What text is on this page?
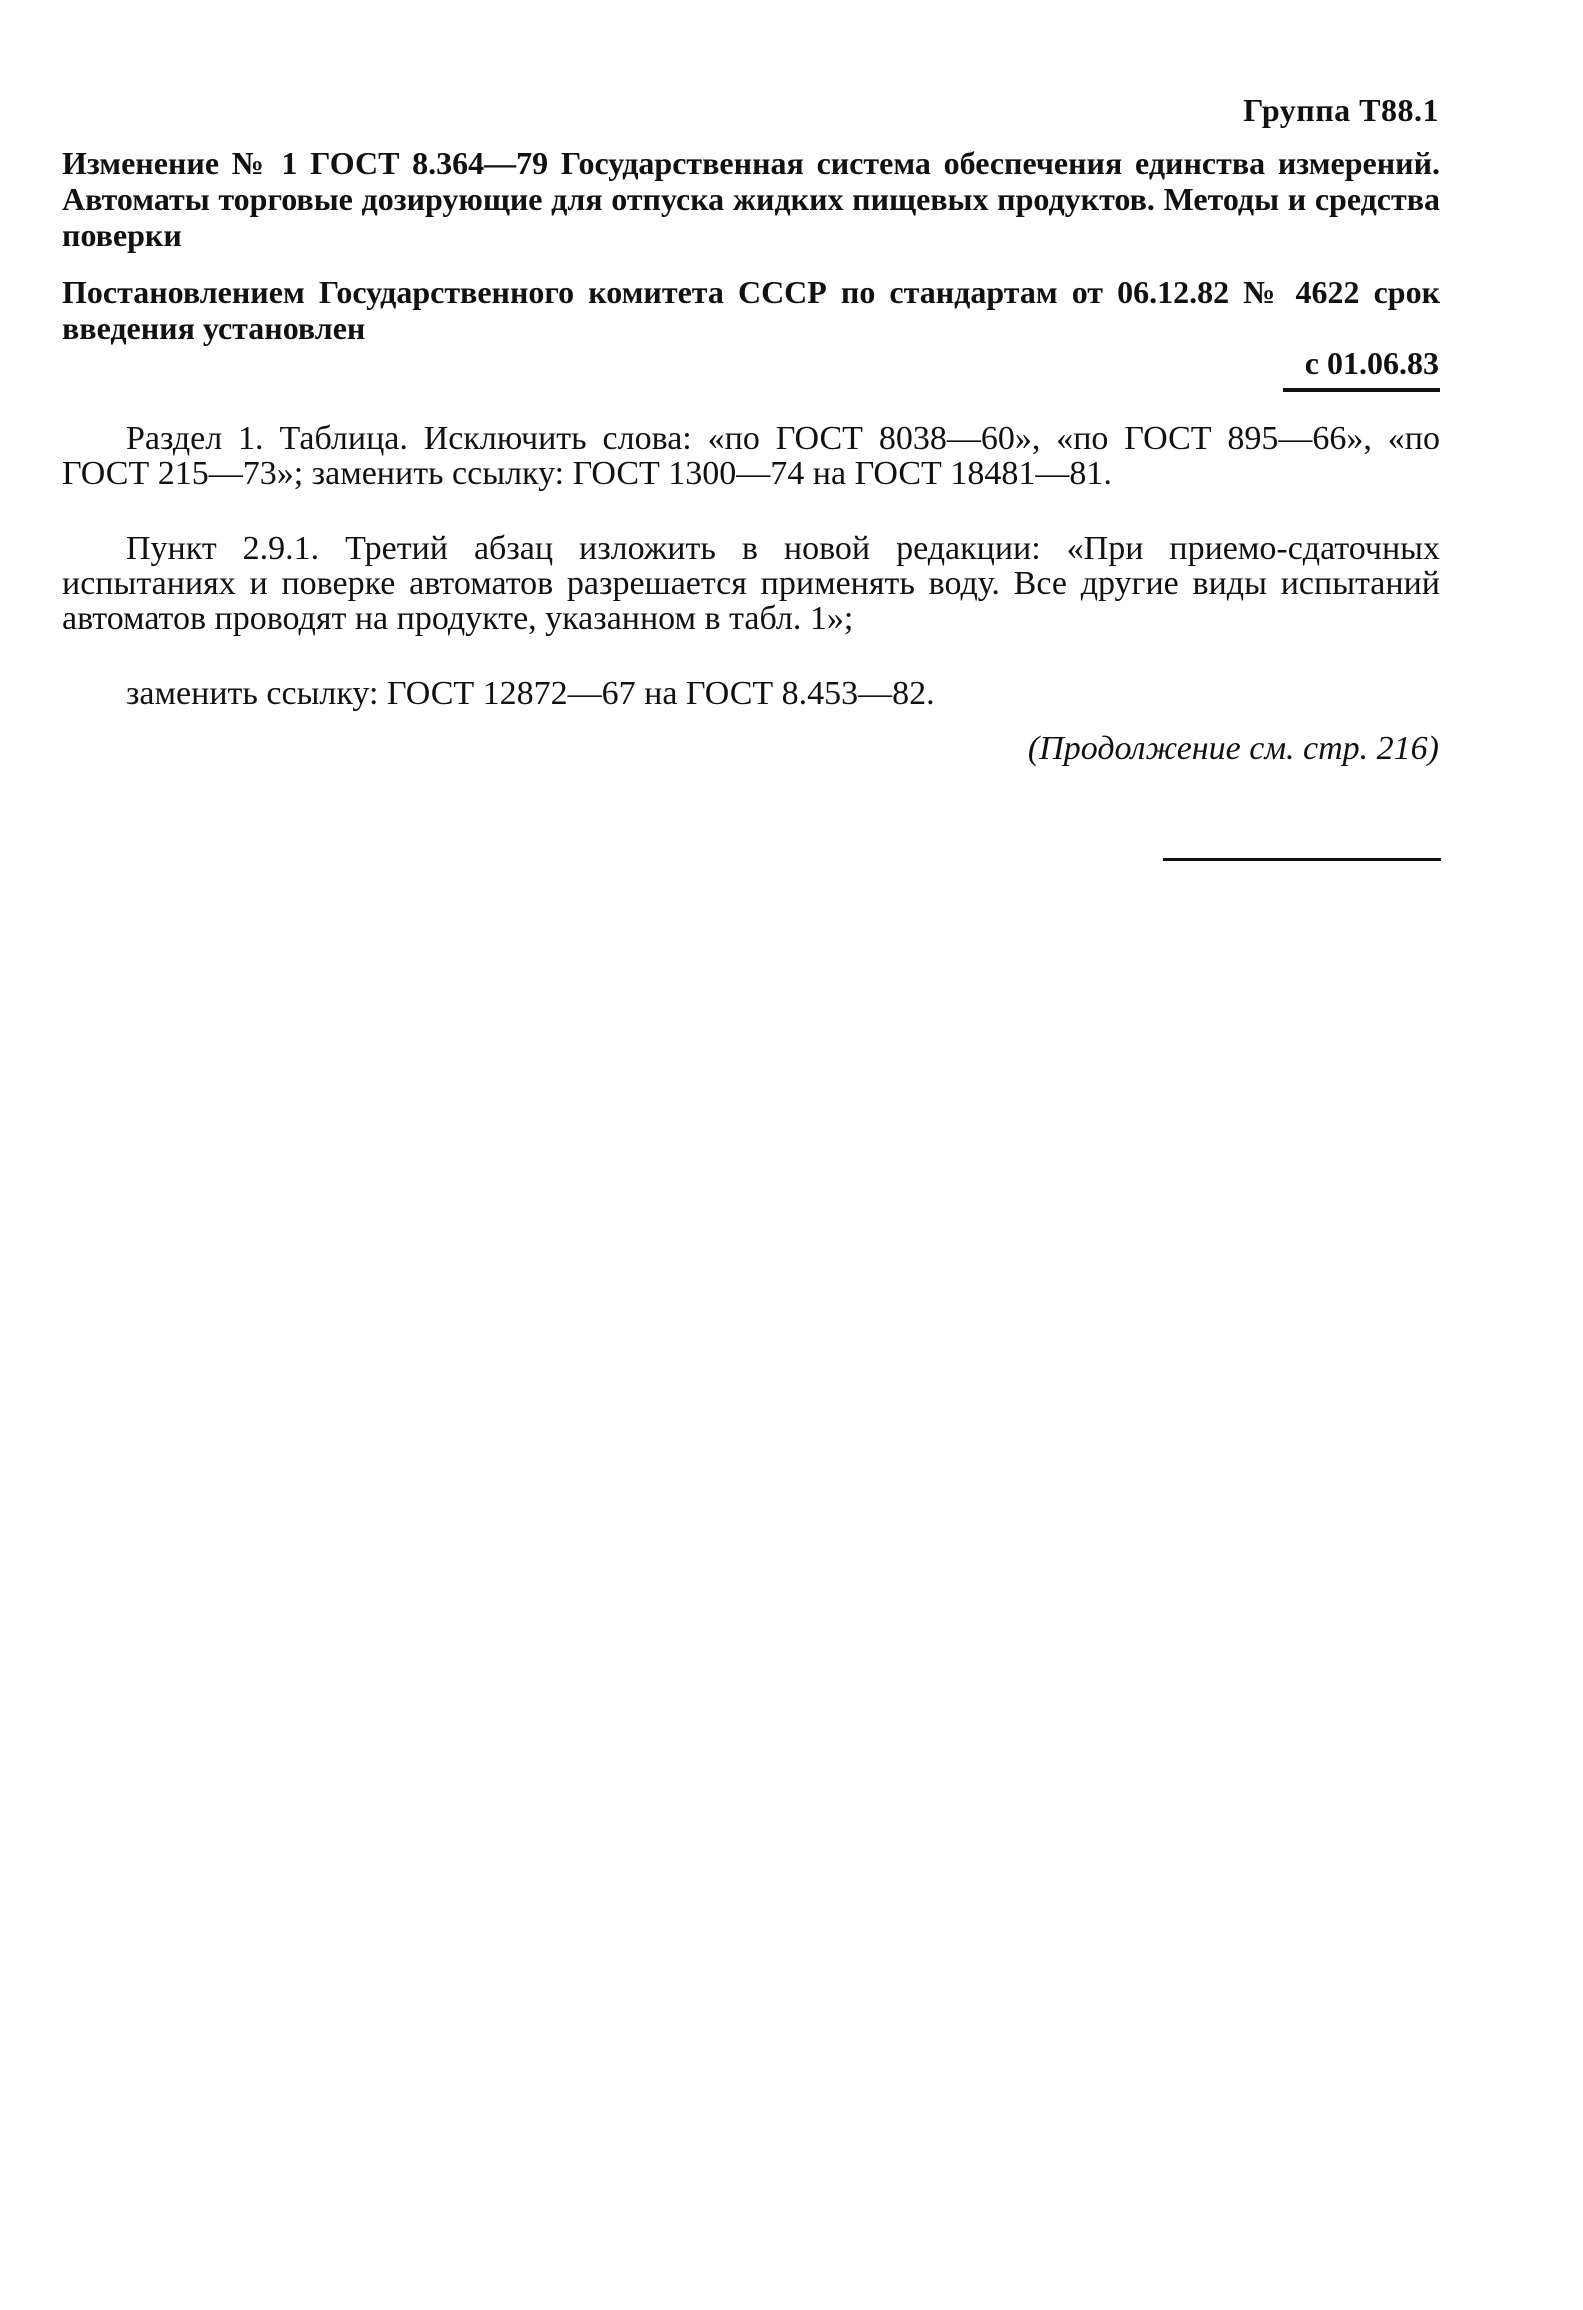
Группа Т88.1
Изменение № 1 ГОСТ 8.364—79 Государственная система обеспечения единства измерений. Автоматы торговые дозирующие для отпуска жидких пищевых продуктов. Методы и средства поверки
Постановлением Государственного комитета СССР по стандартам от 06.12.82 № 4622 срок введения установлен
с 01.06.83
Раздел 1. Таблица. Исключить слова: «по ГОСТ 8038—60», «по ГОСТ 895—66», «по ГОСТ 215—73»; заменить ссылку: ГОСТ 1300—74 на ГОСТ 18481—81.
Пункт 2.9.1. Третий абзац изложить в новой редакции: «При приемо-сдаточных испытаниях и поверке автоматов разрешается применять воду. Все другие виды испытаний автоматов проводят на продукте, указанном в табл. 1»;
заменить ссылку: ГОСТ 12872—67 на ГОСТ 8.453—82.
(Продолжение см. стр. 216)
